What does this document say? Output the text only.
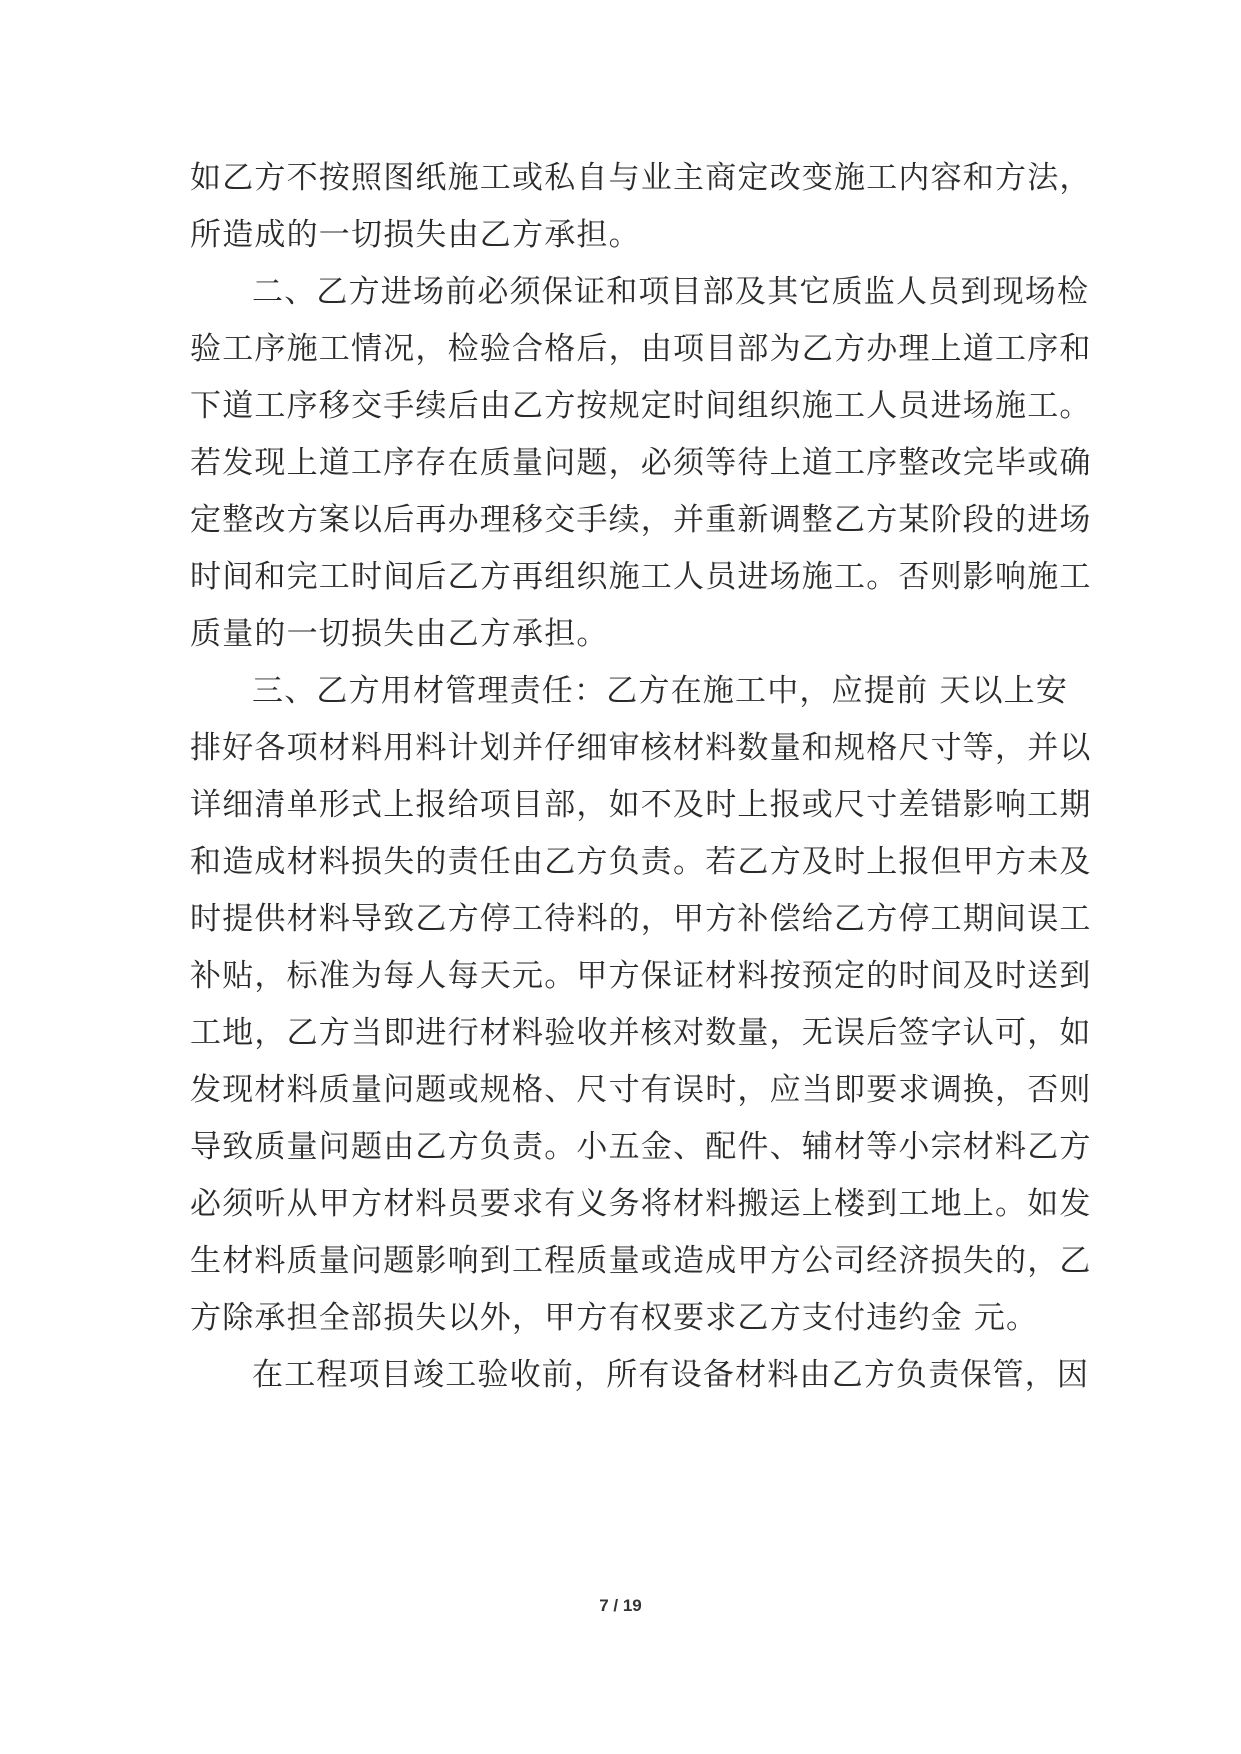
如乙方不按照图纸施工或私自与业主商定改变施工内容和方法，
所造成的一切损失由乙方承担。
二、乙方进场前必须保证和项目部及其它质监人员到现场检
验工序施工情况，检验合格后，由项目部为乙方办理上道工序和
下道工序移交手续后由乙方按规定时间组织施工人员进场施工。
若发现上道工序存在质量问题，必须等待上道工序整改完毕或确
定整改方案以后再办理移交手续，并重新调整乙方某阶段的进场
时间和完工时间后乙方再组织施工人员进场施工。否则影响施工
质量的一切损失由乙方承担。
三、乙方用材管理责任：乙方在施工中，应提前 天以上安
排好各项材料用料计划并仔细审核材料数量和规格尺寸等，并以
详细清单形式上报给项目部，如不及时上报或尺寸差错影响工期
和造成材料损失的责任由乙方负责。若乙方及时上报但甲方未及
时提供材料导致乙方停工待料的，甲方补偿给乙方停工期间误工
补贴，标准为每人每天元。甲方保证材料按预定的时间及时送到
工地，乙方当即进行材料验收并核对数量，无误后签字认可，如
发现材料质量问题或规格、尺寸有误时，应当即要求调换，否则
导致质量问题由乙方负责。小五金、配件、辅材等小宗材料乙方
必须听从甲方材料员要求有义务将材料搬运上楼到工地上。如发
生材料质量问题影响到工程质量或造成甲方公司经济损失的，乙
方除承担全部损失以外，甲方有权要求乙方支付违约金 元。
在工程项目竣工验收前，所有设备材料由乙方负责保管，因
7 / 19
